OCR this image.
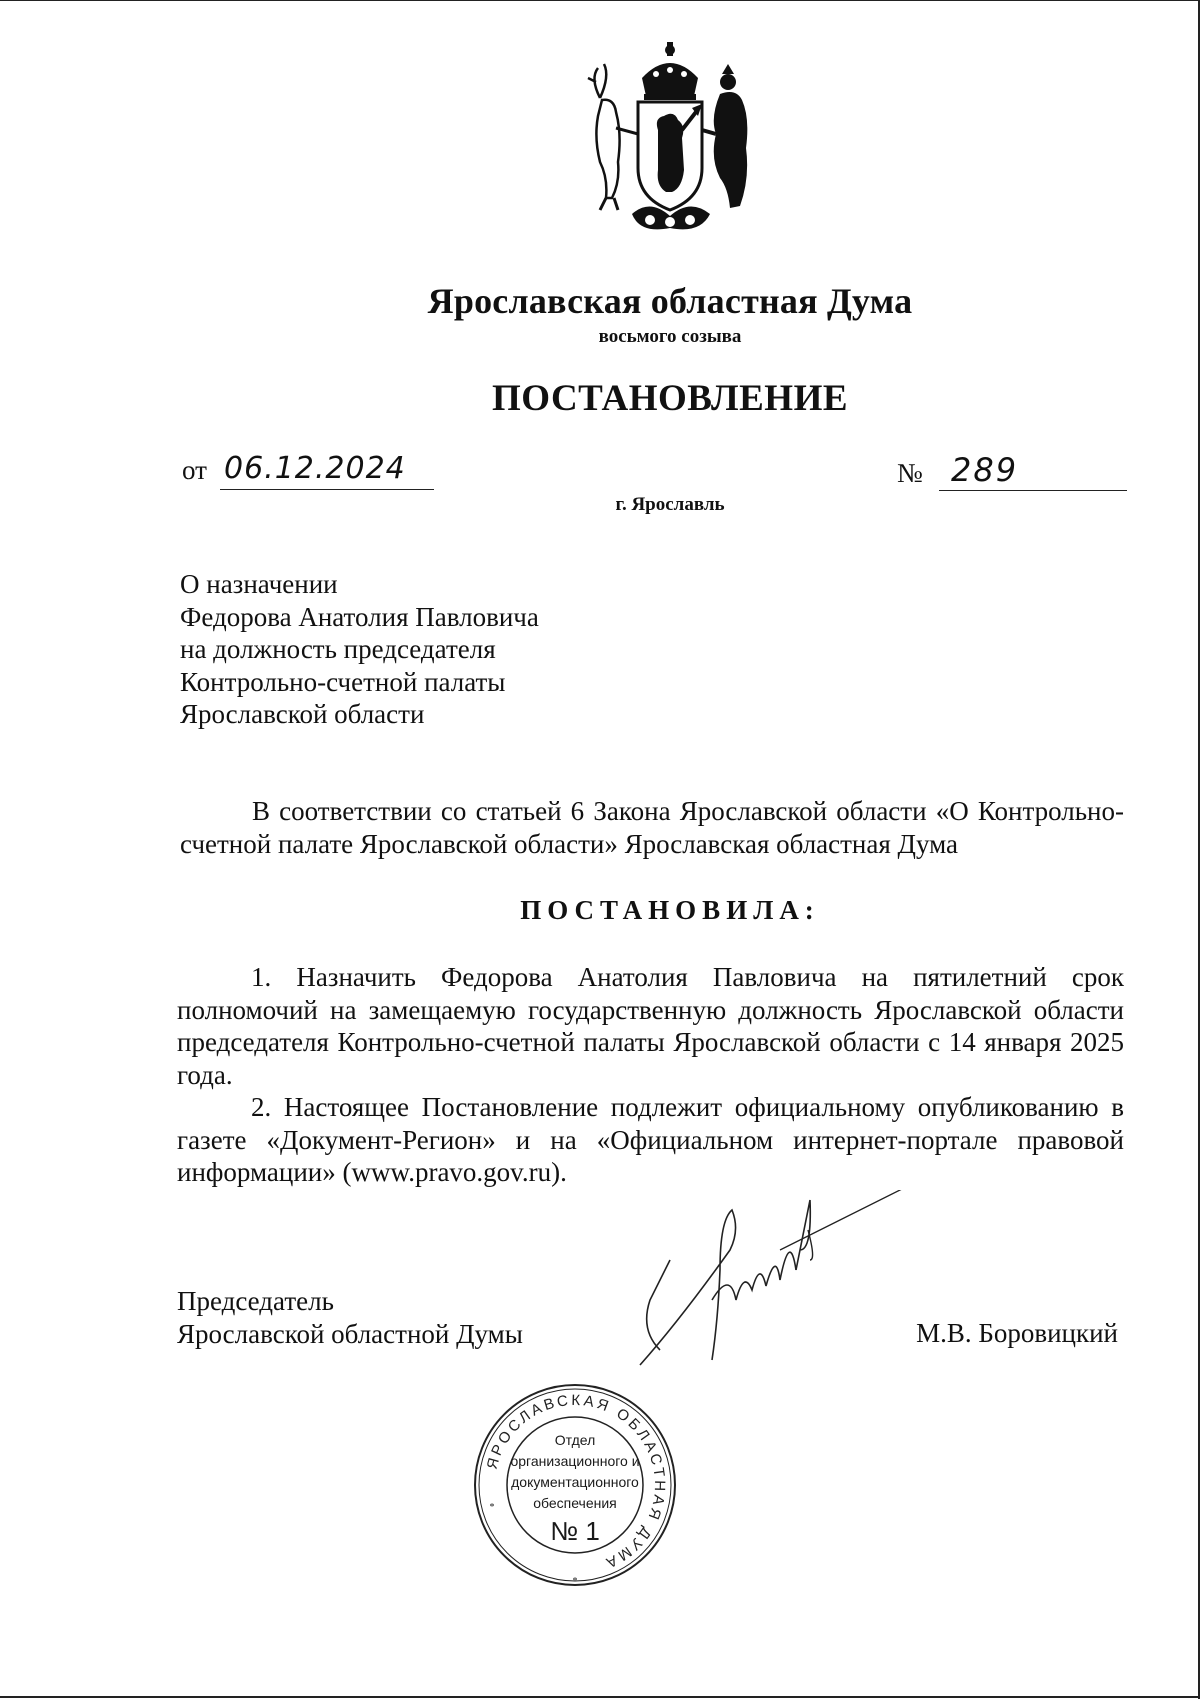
Ярославская областная Дума
восьмого созыва
ПОСТАНОВЛЕНИЕ
от 06.12.2024	№ 289
г. Ярославль
О назначении
Федорова Анатолия Павловича
на должность председателя
Контрольно-счетной палаты
Ярославской области
В соответствии со статьей 6 Закона Ярославской области «О Контрольно-счетной палате Ярославской области» Ярославская областная Дума
ПОСТАНОВИЛА:
1. Назначить Федорова Анатолия Павловича на пятилетний срок полномочий на замещаемую государственную должность Ярославской области председателя Контрольно-счетной палаты Ярославской области с 14 января 2025 года.
2. Настоящее Постановление подлежит официальному опубликованию в газете «Документ-Регион» и на «Официальном интернет-портале правовой информации» (www.pravo.gov.ru).
Председатель
Ярославской областной Думы	М.В. Боровицкий
ЯРОСЛАВСКАЯ ОБЛАСТНАЯ ДУМА
*
*
Отдел
организационного и
документационного
обеспечения
№ 1
